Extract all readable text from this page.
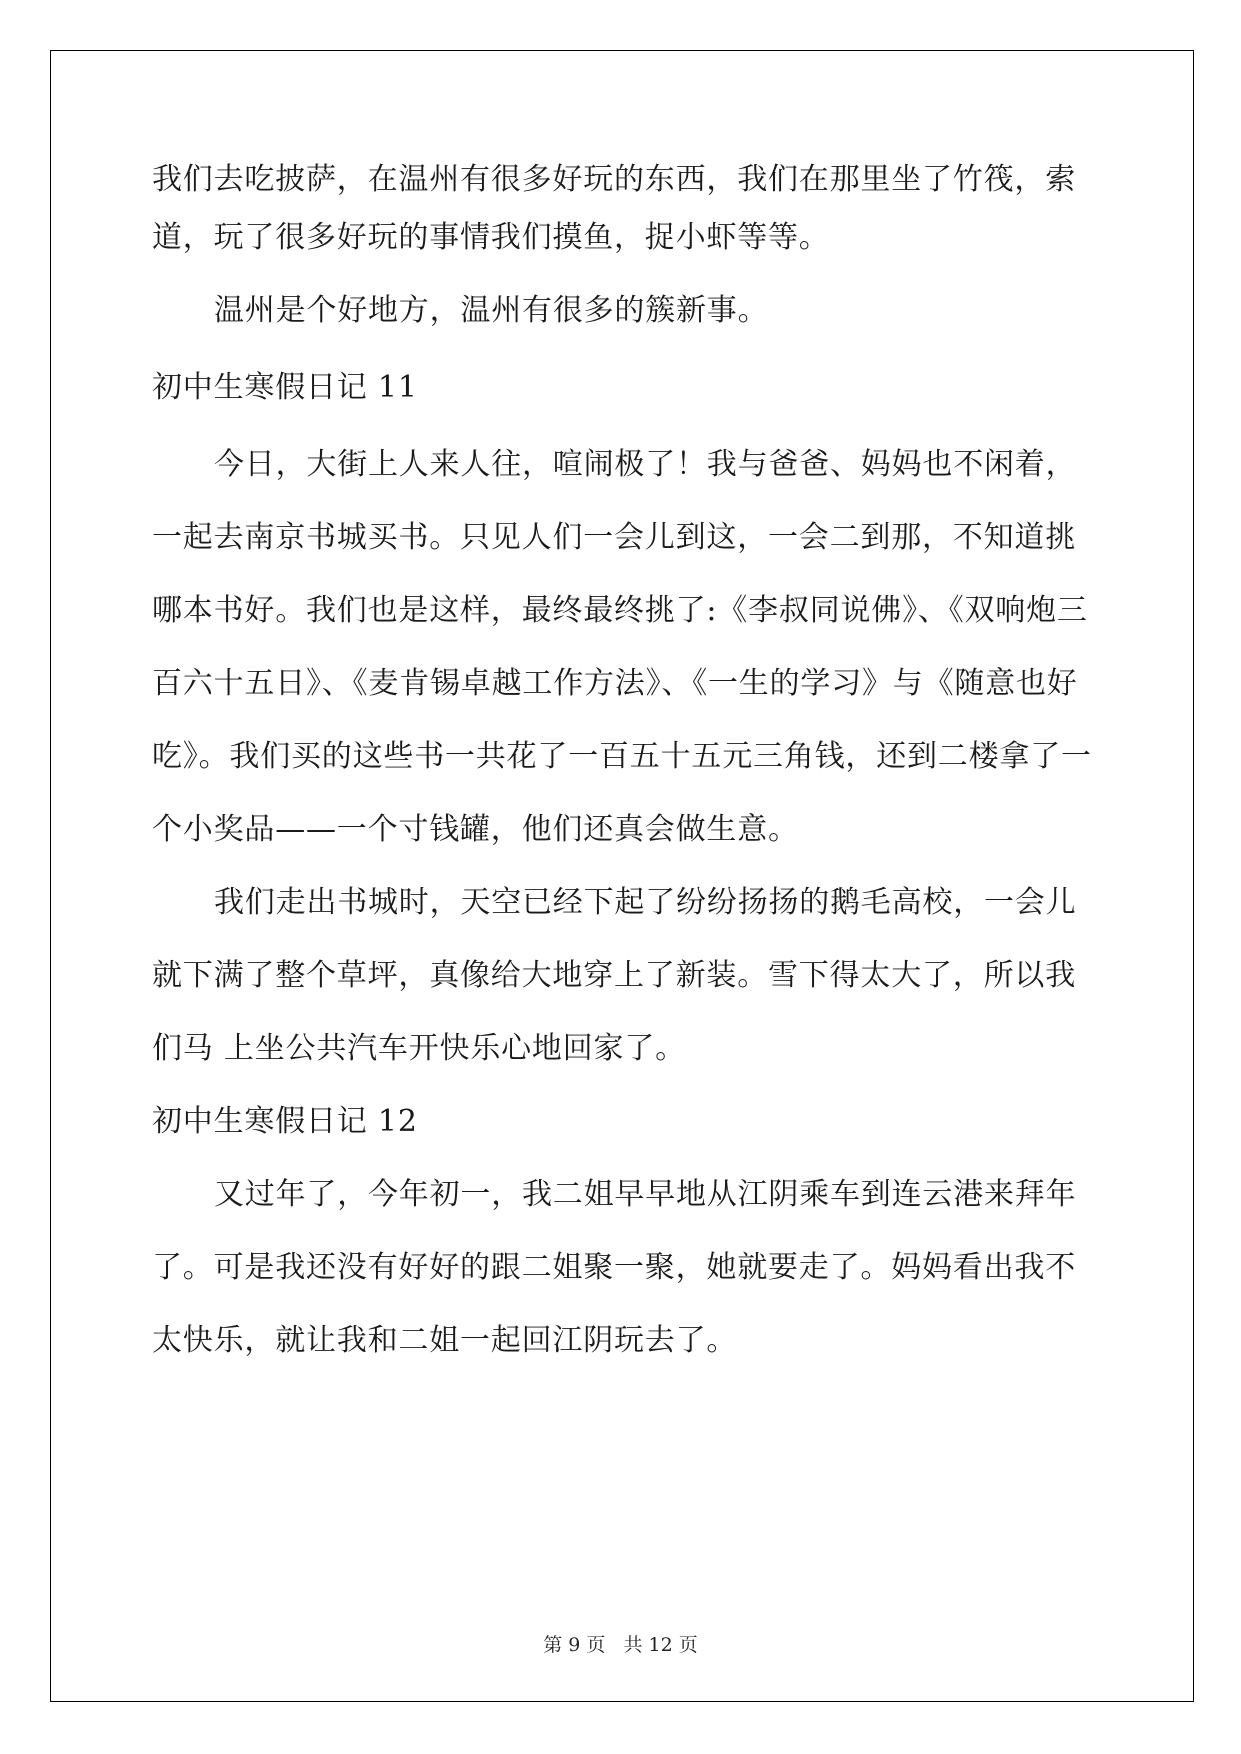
我们去吃披萨，在温州有很多好玩的东西，我们在那里坐了竹筏，索
道，玩了很多好玩的事情我们摸鱼，捉小虾等等。
温州是个好地方，温州有很多的簇新事。
初中生寒假日记 11
今日，大街上人来人往，喧闹极了！我与爸爸、妈妈也不闲着，
一起去南京书城买书。只见人们一会儿到这，一会二到那，不知道挑
哪本书好。我们也是这样，最终最终挑了:《李叔同说佛》、《双响炮三
百六十五日》、《麦肯锡卓越工作方法》、《一生的学习》与《随意也好
吃》。我们买的这些书一共花了一百五十五元三角钱，还到二楼拿了一
个小奖品——一个寸钱罐，他们还真会做生意。
我们走出书城时，天空已经下起了纷纷扬扬的鹅毛高校，一会儿
就下满了整个草坪，真像给大地穿上了新装。雪下得太大了，所以我
们马 上坐公共汽车开快乐心地回家了。
初中生寒假日记 12
又过年了，今年初一，我二姐早早地从江阴乘车到连云港来拜年
了。可是我还没有好好的跟二姐聚一聚，她就要走了。妈妈看出我不
太快乐，就让我和二姐一起回江阴玩去了。
第 9 页 共 12 页
